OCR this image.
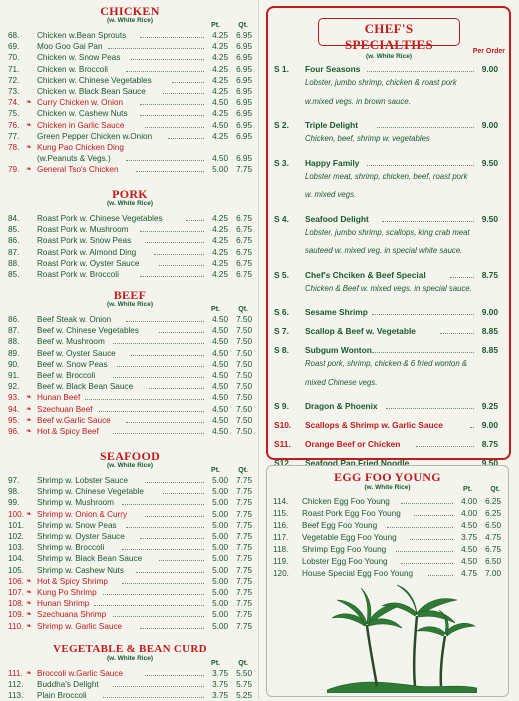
CHICKEN
(w. White Rice)
Pt.	Qt.
68.	Chicken w.Bean Sprouts	4.25 6.95
69.	Moo Goo Gai Pan	4.25 6.95
70.	Chicken w. Snow Peas	4.25 6.95
71.	Chicken w. Broccoli	4.25 6.95
72.	Chicken w. Chinese Vegetables	4.25 6.95
73.	Chicken w. Black Bean Sauce	4.25 6.95
74. ❧ Curry Chicken w. Onion	4.50 6.95
75.	Chicken w. Cashew Nuts	4.25 6.95
76. ❧ Chicken in Garlic Sauce	4.50 6.95
77.	Green Pepper Chicken w.Onion	4.25 6.95
78. ❧ Kung Pao Chicken Ding
(w.Peanuts & Vegs.)	4.50 6.95
79. ❧ General Tso's Chicken	5.00 7.75
PORK
(w. White Rice)
84.	Roast Pork w. Chinese Vegetables	4.25 6.75
85.	Roast Pork w. Mushroom	4.25 6.75
86.	Roast Pork w. Snow Peas	4.25 6.75
87.	Roast Pork w. Almond Ding	4.25 6.75
88.	Roast Pork w. Oyster Sauce	4.25 6.75
85.	Roast Pork w. Broccoli	4.25 6.75
BEEF
(w. White Rice)
Pt.	Qt.
86.	Beef Steak w. Onion	4.50 7.50
87.	Beef w. Chinese Vegetables	4.50 7.50
88.	Beef w. Mushroom	4.50 7.50
89.	Beef w. Oyster Sauce	4.50 7.50
90.	Beef w. Snow Peas	4.50 7.50
91.	Beef w. Broccoli	4.50 7.50
92.	Beef w. Black Bean Sauce	4.50 7.50
93. ❧ Hunan Beef	4.50 7.50
94. ❧ Szechuan Beef	4.50 7.50
95. ❧ Beef w.Garlic Sauce	4.50 7.50
96. ❧ Hot & Spicy Beef	4.50 7.50
SEAFOOD
(w. White Rice)
Pt.	Qt.
97.	Shrimp w. Lobster Sauce	5.00 7.75
98.	Shrimp w. Chinese Vegetable	5.00 7.75
99.	Shrimp w. Mushroom	5.00 7.75
100. ❧ Shrimp w. Onion & Curry	5.00 7.75
101.	Shrimp w. Snow Peas	5.00 7.75
102.	Shrimp w. Oyster Sauce	5.00 7.75
103.	Shrimp w. Broccoli	5.00 7.75
104.	Shrimp w. Black Bean Sauce	5.00 7.75
105.	Shrimp w. Cashew Nuts	5.00 7.75
106. ❧ Hot & Spicy Shrimp	5.00 7.75
107. ❧ Kung Po Shrimp	5.00 7.75
108. ❧ Hunan Shrimp	5.00 7.75
109. ❧ Szechuana Shrimp	5.00 7.75
110. ❧ Shrimp w. Garlic Sauce	5.00 7.75
VEGETABLE & BEAN CURD
(w. White Rice)
Pt.	Qt.
111. ❧ Broccoli w.Garlic Sauce	3.75 5.50
112.	Buddha's Delight	3.75 5.75
113.	Plain Broccoli	3.75 5.25
CHEF'S SPECIALTIES
(w. White Rice)
Per Order
S 1.	Four Seasons	9.00
Lobster, jumbo shrimp, chicken & roast pork
w.mixed vegs. in brown sauce.
S 2.	Triple Delight	9.00
Chicken, beef, shrimp w. vegetables
S 3.	Happy Family	9.50
Lobster meat, shrimp, chicken, beef, roast pork
w. mixed vegs.
S 4.	Seafood Delight	9.50
Lobster, jumbo shrimp, scallops, king crab meat
sauteed w. mixed veg. in special white sauce.
S 5.	Chef's Chciken & Beef Special	8.75
Chicken & Beef w. mixed vegs. in special sauce.
S 6.	Sesame Shrimp	9.00
S 7.	Scallop & Beef w. Vegetable	8.85
S 8.	Subgum Wonton	8.85
Roast pork, shrimp, chicken & 6 fried wonton &
mixed Chinese vegs.
S 9.	Dragon & Phoenix	9.25
S10.	Scallops & Shrimp w. Garlic Sauce	9.00
S11.	Orange Beef or Chicken	8.75
S12.	Seafood Pan Fried Noodle	9.50
EGG FOO YOUNG
(w. White Rice)	Pt.	Qt.
114.	Chicken Egg Foo Young	4.00 6.25
115.	Roast Pork Egg Foo Young	4.00 6.25
116.	Beef Egg Foo Young	4.50 6.50
117.	Vegetable Egg Foo Young	3.75 4.75
118.	Shrimp Egg Foo Young	4.50 6.75
119.	Lobster Egg Foo Young	4.50 6.50
120.	House Special Egg Foo Young	4.75 7.00
